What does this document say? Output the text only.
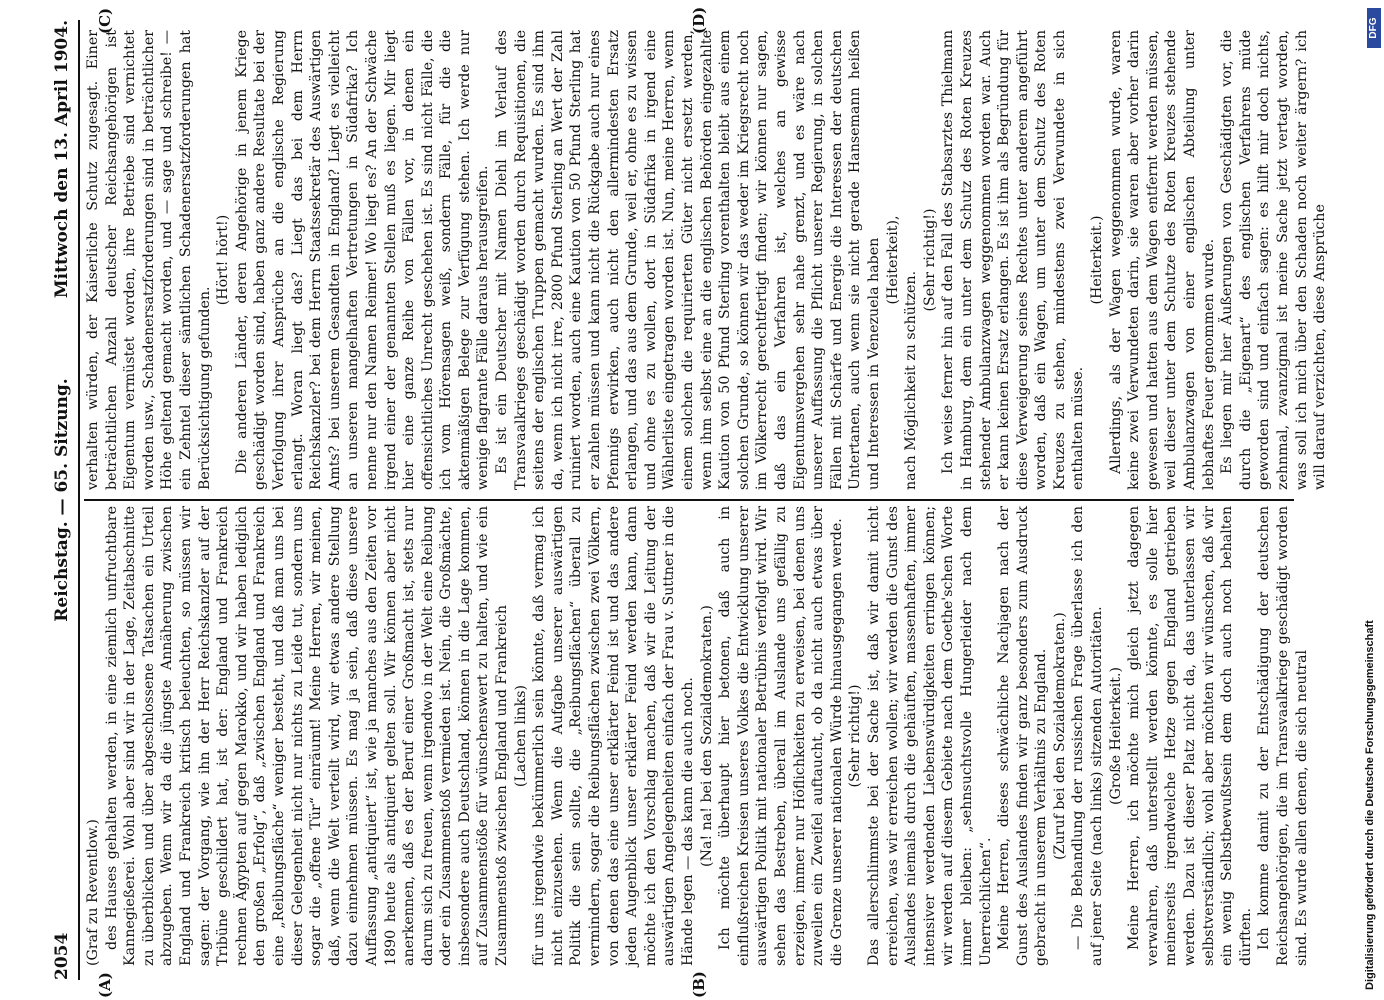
2054
Reichstag. — 65. Sitzung.
Mittwoch den 13. April 1904.
(A)	(B)
(C)	(D)

(Graf zu Reventlow.) des Hauses gehalten werden, in eine ziemlich unfruchtbare Kannegießerei. Wohl aber sind wir in der Lage, Zeitabschnitte zu überblicken und über abgeschlossene Tatsachen ein Urteil abzugeben. Wenn wir da die jüngste Annäherung zwischen England und Frankreich kritisch beleuchten, so müssen wir sagen: der Vorgang, wie ihn der Herr Reichskanzler auf der Tribüne geschildert hat, ist der: England und Frankreich rechnen Ägypten auf gegen Marokko, und wir haben lediglich den großen „Erfolg“, daß „zwischen England und Frankreich eine „Reibungsfläche“ weniger besteht, und daß man uns bei dieser Gelegenheit nicht nur nichts zu Leide tut, sondern uns sogar die „offene Tür“ einräumt! Meine Herren, wir meinen, daß, wenn die Welt verteilt wird, wir etwas andere Stellung dazu einnehmen müssen. Es mag ja sein, daß diese unsere Auffassung „antiquiert“ ist, wie ja manches aus den Zeiten vor 1890 heute als antiquiert gelten soll. Wir können aber nicht anerkennen, daß es der Beruf einer Großmacht ist, stets nur darum sich zu freuen, wenn irgendwo in der Welt eine Reibung oder ein Zusammenstoß vermieden ist. Nein, die Großmächte, insbesondere auch Deutschland, können in die Lage kommen, auf Zusammenstöße für wünschenswert zu halten, und wie ein Zusammenstoß zwischen England und Frankreich (Lachen links) für uns irgendwie bekümmerlich sein könnte, daß vermag ich nicht einzusehen. Wenn die Aufgabe unserer auswärtigen Politik die sein sollte, die „Reibungsflächen“ überall zu vermindern, sogar die Reibungsflächen zwischen zwei Völkern, von denen das eine unser erklärter Feind ist und das andere jeden Augenblick unser erklärter Feind werden kann, dann möchte ich den Vorschlag machen, daß wir die Leitung der auswärtigen Angelegenheiten einfach der Frau v. Suttner in die Hände legen — das kann die auch noch. (Na! na! bei den Sozialdemokraten.) Ich möchte überhaupt hier betonen, daß auch in einflußreichen Kreisen unseres Volkes die Entwicklung unserer auswärtigen Politik mit nationaler Betrübnis verfolgt wird. Wir sehen das Bestreben, überall im Auslande uns gefällig zu erzeigen, immer nur Höflichkeiten zu erweisen, bei denen uns zuweilen ein Zweifel auftaucht, ob da nicht auch etwas über die Grenze unserer nationalen Würde hinausgegangen werde. (Sehr richtig!) Das allerschlimmste bei der Sache ist, daß wir damit nicht erreichen, was wir erreichen wollen; wir werden die Gunst des Auslandes niemals durch die gehäuften, massenhaften, immer intensiver werdenden Liebenswürdigkeiten erringen können; wir werden auf diesem Gebiete nach dem Goethe'schen Worte immer bleiben: „sehnsuchtsvolle Hungerleider nach dem Unerreichlichen“. Meine Herren, dieses schwächliche Nachjagen nach der Gunst des Auslandes finden wir ganz besonders zum Ausdruck gebracht in unserem Verhältnis zu England. (Zuruf bei den Sozialdemokraten.) — Die Behandlung der russischen Frage überlasse ich den auf jener Seite (nach links) sitzenden Autoritäten. (Große Heiterkeit.) Meine Herren, ich möchte mich gleich jetzt dagegen verwahren, daß unterstellt werden könnte, es solle hier meinerseits irgendwelche Hetze gegen England getrieben werden. Dazu ist dieser Platz nicht da, das unterlassen wir selbstverständlich; wohl aber möchten wir wünschen, daß wir ein wenig Selbstbewußtsein dem doch auch noch behalten dürften. Ich komme damit zu der Entschädigung der deutschen Reichsangehörigen, die im Transvaalkriege geschädigt worden sind. Es wurde allen denen, die sich neutral

verhalten würden, der Kaiserliche Schutz zugesagt. Einer beträchtlichen Anzahl deutscher Reichsangehörigen ist Eigentum vermüstet worden, ihre Betriebe sind vernichtet worden usw., Schadenersatzforderungen sind in beträchtlicher Höhe geltend gemacht worden, und — sage und schreibe! — ein Zehntel dieser sämtlichen Schadenersatzforderungen hat Berücksichtigung gefunden.

(Hört! hört!) Die anderen Länder, deren Angehörige in jenem Kriege geschädigt worden sind, haben ganz andere Resultate bei der Verfolgung ihrer Ansprüche an die englische Regierung erlangt. Woran liegt das? Liegt das bei dem Herrn Reichskanzler? bei dem Herrn Staatssekretär des Auswärtigen Amts? bei unserem Gesandten in England? Liegt es vielleicht an unseren mangelhaften Vertretungen in Südafrika? Ich nenne nur den Namen Reimer! Wo liegt es? An der Schwäche irgend einer der genannten Stellen muß es liegen. Mir liegt hier eine ganze Reihe von Fällen vor, in denen ein offensichtliches Unrecht geschehen ist. Es sind nicht Fälle, die ich vom Hörensagen weiß, sondern Fälle, für die die aktenmäßigen Belege zur Verfügung stehen. Ich werde nur wenige flagrante Fälle daraus herausgreifen. Es ist ein Deutscher mit Namen Diehl im Verlauf des Transvaalkrieges geschädigt worden durch Requisitionen, die seitens der englischen Truppen gemacht wurden. Es sind ihm da, wenn ich nicht irre, 2800 Pfund Sterling an Wert der Zahl ruiniert worden, auch eine Kaution von 50 Pfund Sterling hat er zahlen müssen und kann nicht die Rückgabe auch nur eines Pfennigs erwirken, auch nicht den allermindesten Ersatz erlangen, und das aus dem Grunde, weil er, ohne es zu wissen und ohne es zu wollen, dort in Südafrika in irgend eine Wählerliste eingetragen worden ist. Nun, meine Herren, wenn einem solchen die requirierten Güter nicht ersetzt werden, wenn ihm selbst eine an die englischen Behörden eingezahlte Kaution von 50 Pfund Sterling vorenthalten bleibt aus einem solchen Grunde, so können wir das weder im Kriegsrecht noch im Völkerrecht gerechtfertigt finden; wir können nur sagen, daß das ein Verfahren ist, welches an gewisse Eigentumsvergehen sehr nahe grenzt, und es wäre nach unserer Auffassung die Pflicht unserer Regierung, in solchen Fällen mit Schärfe und Energie die Interessen der deutschen Untertanen, auch wenn sie nicht gerade Hansemann heißen und Interessen in Venezuela haben (Heiterkeit),

nach Möglichkeit zu schützen.

(Sehr richtig!) Ich weise ferner hin auf den Fall des Stabsarztes Thielmann in Hamburg, dem ein unter dem Schutz des Roten Kreuzes stehender Ambulanzwagen weggenommen worden war. Auch er kann keinen Ersatz erlangen. Es ist ihm als Begründung für diese Verweigerung seines Rechtes unter anderem angeführt worden, daß ein Wagen, um unter dem Schutz des Roten Kreuzes zu stehen, mindestens zwei Verwundete in sich enthalten müsse.

(Heiterkeit.) Allerdings, als der Wagen weggenommen wurde, waren keine zwei Verwundeten darin, sie waren aber vorher darin gewesen und hatten aus dem Wagen entfernt werden müssen, weil dieser unter dem Schutze des Roten Kreuzes stehende Ambulanzwagen von einer englischen Abteilung unter lebhaftes Feuer genommen wurde. Es liegen mir hier Äußerungen von Geschädigten vor, die durch die „Eigenart“ des englischen Verfahrens müde geworden sind und einfach sagen: es hilft mir doch nichts, zehnmal, zwanzigmal ist meine Sache jetzt vertagt worden, was soll ich mich über den Schaden noch weiter ärgern? ich will darauf verzichten, diese Ansprüche

DFG
Digitalisierung gefördert durch die Deutsche Forschungsgemeinschaft
